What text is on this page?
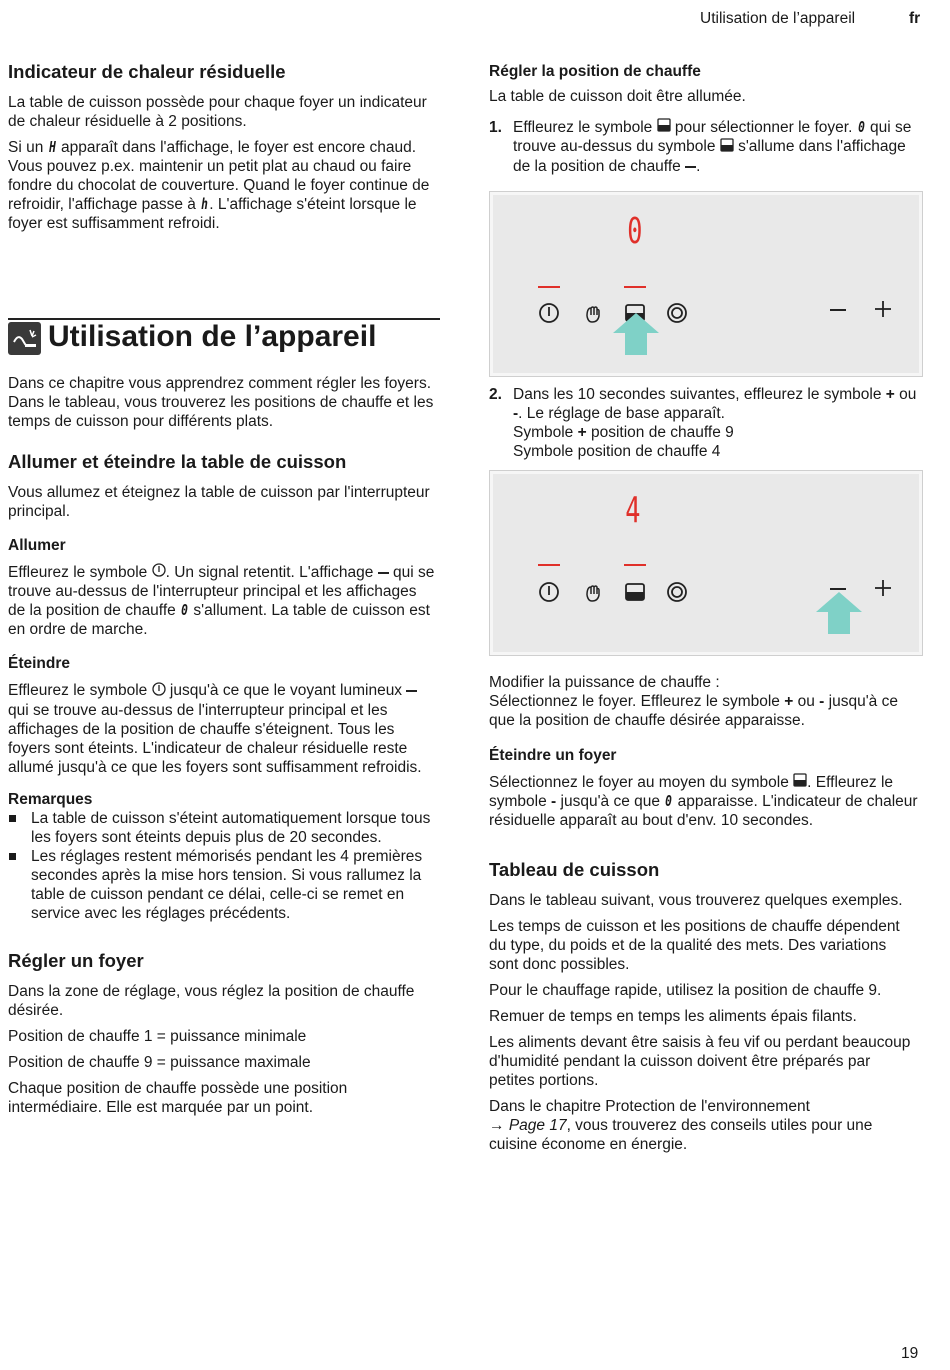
Utilisation de l’appareil	fr
Indicateur de chaleur résiduelle

La table de cuisson possède pour chaque foyer un indicateur de chaleur résiduelle à 2 positions.

Si un H apparaît dans l'affichage, le foyer est encore chaud. Vous pouvez p.ex. maintenir un petit plat au chaud ou faire fondre du chocolat de couverture. Quand le foyer continue de refroidir, l'affichage passe à h. L'affichage s'éteint lorsque le foyer est suffisamment refroidi.

Utilisation de l’appareil

Dans ce chapitre vous apprendrez comment régler les foyers. Dans le tableau, vous trouverez les positions de chauffe et les temps de cuisson pour différents plats.

Allumer et éteindre la table de cuisson

Vous allumez et éteignez la table de cuisson par l'interrupteur principal.

Allumer

Effleurez le symbole . Un signal retentit. L'affichage  qui se trouve au-dessus de l'interrupteur principal et les affichages de la position de chauffe 0 s'allument. La table de cuisson est en ordre de marche.

Éteindre

Effleurez le symbole  jusqu'à ce que le voyant lumineux  qui se trouve au-dessus de l'interrupteur principal et les affichages de la position de chauffe s'éteignent. Tous les foyers sont éteints. L'indicateur de chaleur résiduelle reste allumé jusqu'à ce que les foyers sont suffisamment refroidis.

Remarques
La table de cuisson s'éteint automatiquement lorsque tous les foyers sont éteints depuis plus de 20 secondes.
Les réglages restent mémorisés pendant les 4 premières secondes après la mise hors tension. Si vous rallumez la table de cuisson pendant ce délai, celle-ci se remet en service avec les réglages précédents.
Régler un foyer

Dans la zone de réglage, vous réglez la position de chauffe désirée.

Position de chauffe 1 = puissance minimale

Position de chauffe 9 = puissance maximale

Chaque position de chauffe possède une position intermédiaire. Elle est marquée par un point.

Régler la position de chauffe

La table de cuisson doit être allumée.

1. Effleurez le symbole  pour sélectionner le foyer. 0 qui se trouve au-dessus du symbole  s'allume dans l'affichage de la position de chauffe .

0

2. Dans les 10 secondes suivantes, effleurez le symbole + ou -. Le réglage de base apparaît.
Symbole + position de chauffe 9
Symbole position de chauffe 4

4

Modifier la puissance de chauffe :
Sélectionnez le foyer. Effleurez le symbole + ou - jusqu'à ce que la position de chauffe désirée apparaisse.

Éteindre un foyer

Sélectionnez le foyer au moyen du symbole . Effleurez le symbole - jusqu'à ce que 0 apparaisse. L'indicateur de chaleur résiduelle apparaît au bout d'env. 10 secondes.

Tableau de cuisson

Dans le tableau suivant, vous trouverez quelques exemples.

Les temps de cuisson et les positions de chauffe dépendent du type, du poids et de la qualité des mets. Des variations sont donc possibles.

Pour le chauffage rapide, utilisez la position de chauffe 9.

Remuer de temps en temps les aliments épais filants.

Les aliments devant être saisis à feu vif ou perdant beaucoup d'humidité pendant la cuisson doivent être préparés par petites portions.

Dans le chapitre Protection de l'environnement
→ Page 17, vous trouverez des conseils utiles pour une cuisine économe en énergie.

19
